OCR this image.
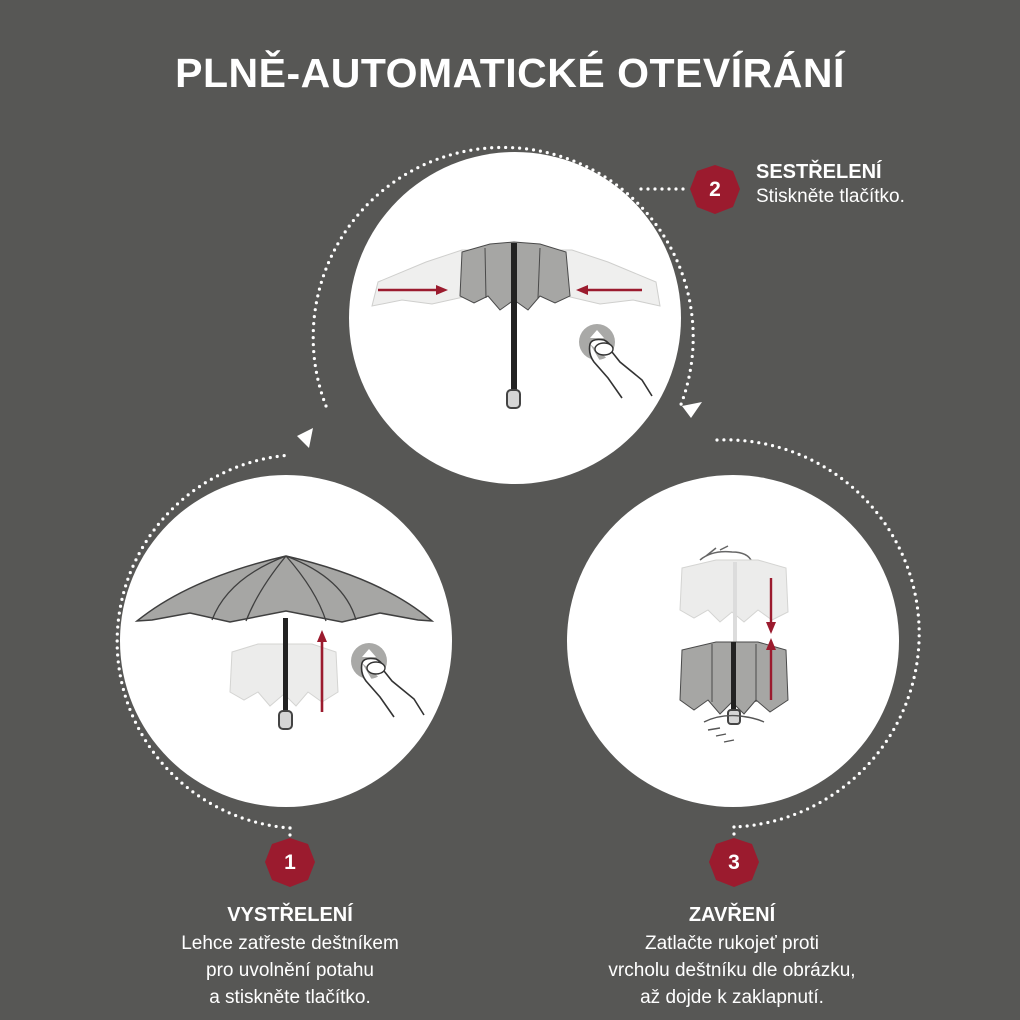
PLNĚ-AUTOMATICKÉ OTEVÍRÁNÍ
1
2
3
SESTŘELENÍ
Stiskněte tlačítko.
VYSTŘELENÍ
Lehce zatřeste deštníkem
pro uvolnění potahu
a stiskněte tlačítko.
ZAVŘENÍ
Zatlačte rukojeť proti
vrcholu deštníku dle obrázku,
až dojde k zaklapnutí.
